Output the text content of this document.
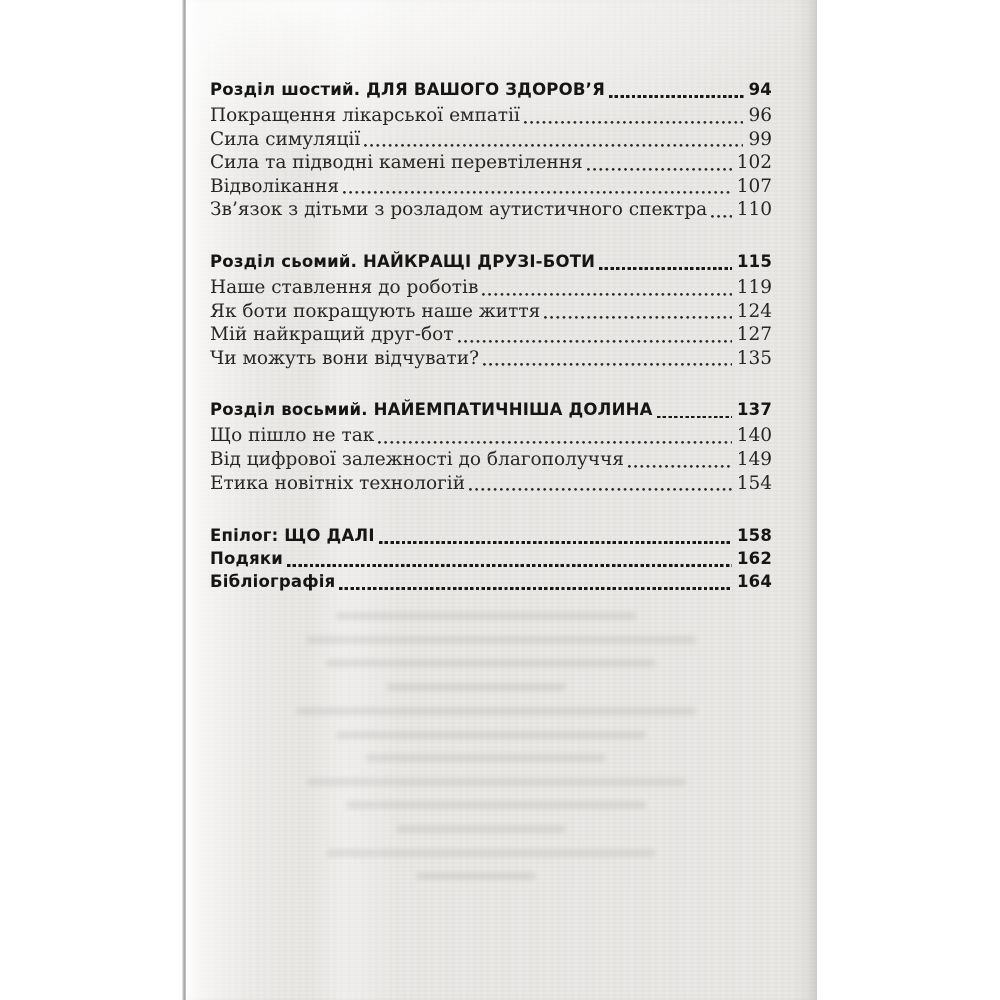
Розділ шостий. ДЛЯ ВАШОГО ЗДОРОВ’Я	94
Покращення лікарської емпатії	96
Сила симуляції	99
Сила та підводні камені перевтілення	102
Відволікання	107
Зв’язок з дітьми з розладом аутистичного спектра 110
Розділ сьомий. НАЙКРАЩІ ДРУЗІ-БОТИ	115
Наше ставлення до роботів	119
Як боти покращують наше життя	124
Мій найкращий друг-бот	127
Чи можуть вони відчувати?	135
Розділ восьмий. НАЙЕМПАТИЧНІША ДОЛИНА	137
Що пішло не так	140
Від цифрової залежності до благополуччя	149
Етика новітніх технологій	154
Епілог: ЩО ДАЛІ	158
Подяки	162
Бібліографія	164
